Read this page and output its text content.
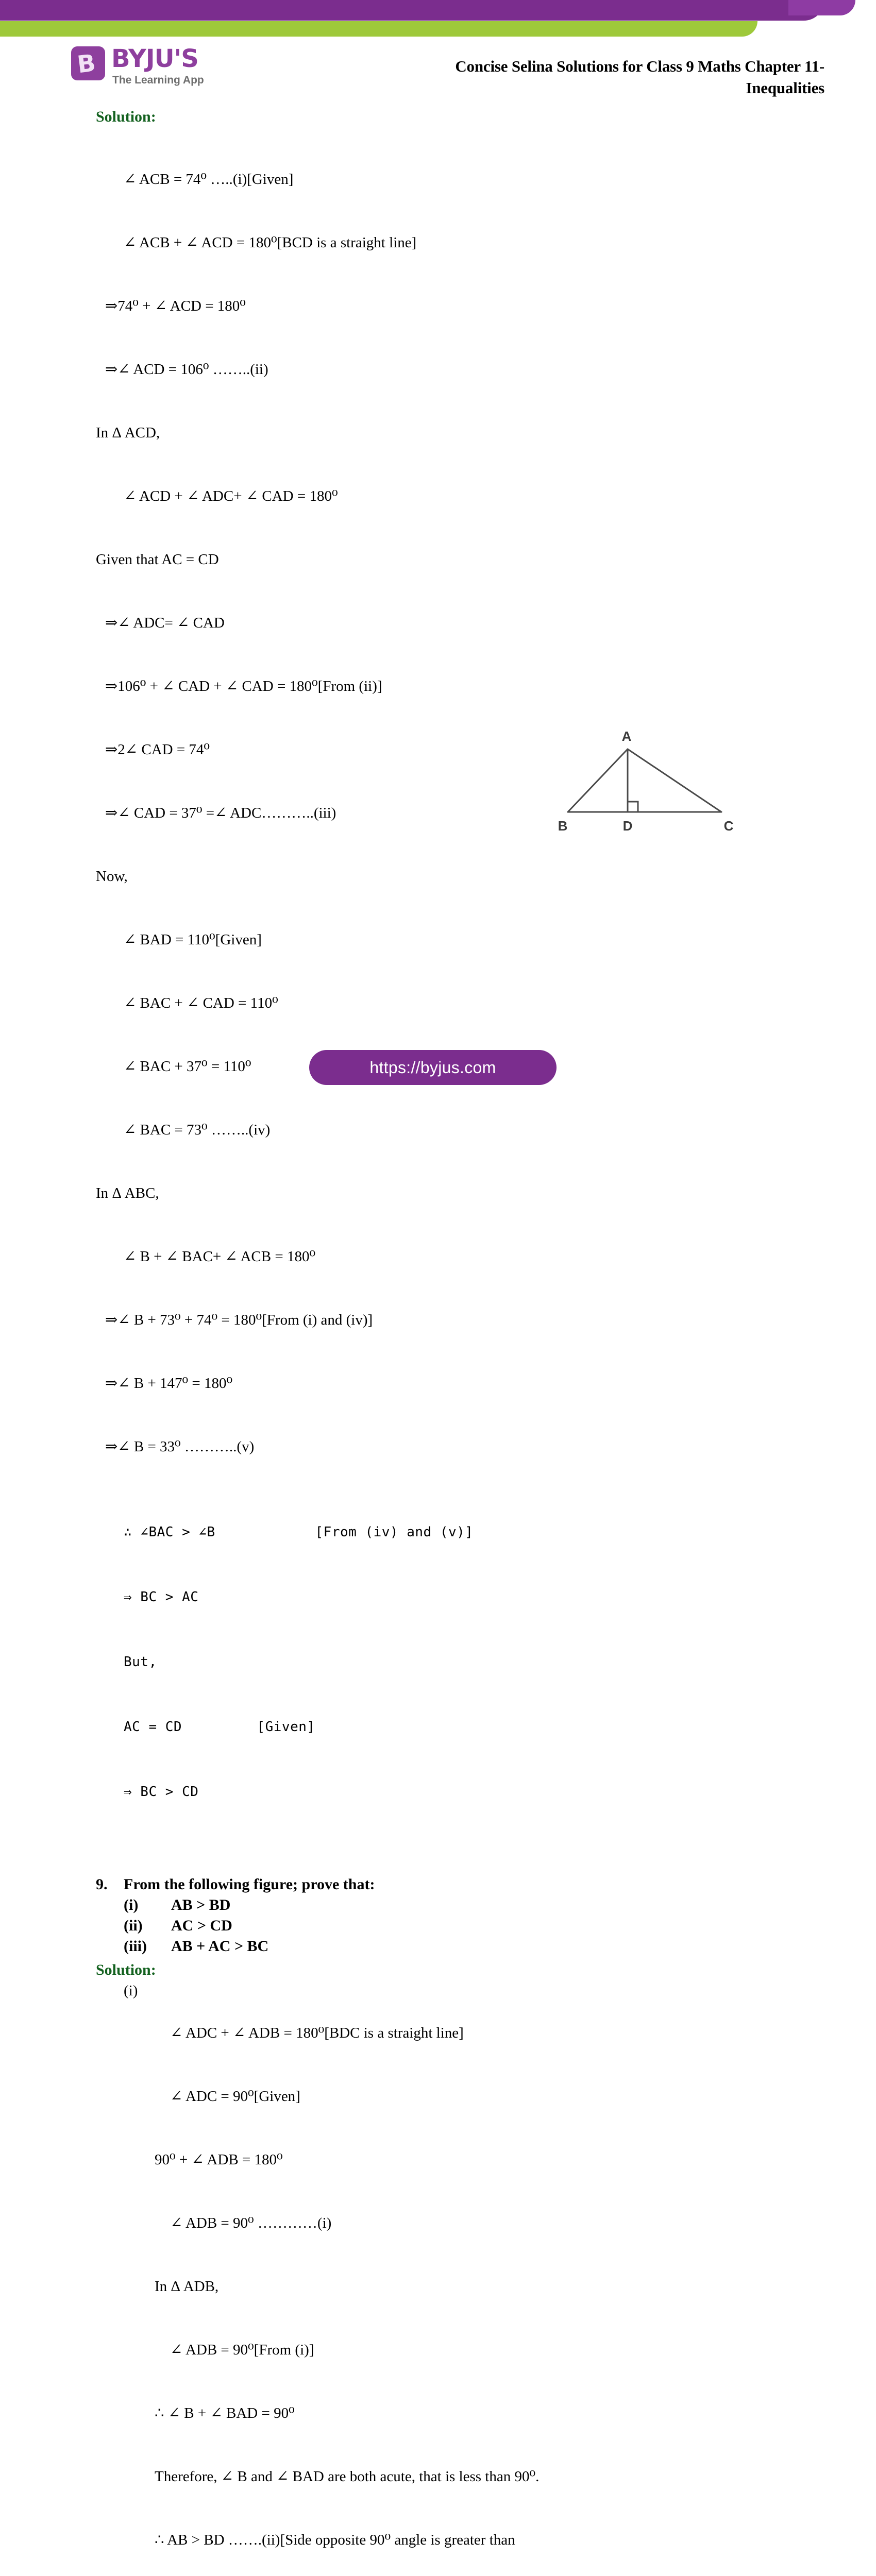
B BYJU'S
The Learning App
Concise Selina Solutions for Class 9 Maths Chapter 11-
Inequalities
Solution:

∠ ACB = 74⁰ …..(i)[Given]

∠ ACB + ∠ ACD = 180⁰[BCD is a straight line]

⇒74⁰ + ∠ ACD = 180⁰

⇒∠ ACD = 106⁰ ……..(ii)

In Δ ACD,

∠ ACD + ∠ ADC+ ∠ CAD = 180⁰

Given that AC = CD

⇒∠ ADC= ∠ CAD

⇒106⁰ + ∠ CAD + ∠ CAD = 180⁰[From (ii)]

⇒2∠ CAD = 74⁰

⇒∠ CAD = 37⁰ =∠ ADC………..(iii)

Now,

∠ BAD = 110⁰[Given]

∠ BAC + ∠ CAD = 110⁰

∠ BAC + 37⁰ = 110⁰

∠ BAC = 73⁰ ……..(iv)

In Δ ABC,

∠ B + ∠ BAC+ ∠ ACB = 180⁰

⇒∠ B + 73⁰ + 74⁰ = 180⁰[From (i) and (iv)]

⇒∠ B + 147⁰ = 180⁰

⇒∠ B = 33⁰ ………..(v)

∴ ∠BAC > ∠B            [From (iv) and (v)]

⇒ BC > AC

But,

AC = CD         [Given]

⇒ BC > CD

9. From the following figure; prove that:
(i) AB > BD
(ii) AC > CD
(iii) AB + AC > BC
Solution:
(i)

∠ ADC + ∠ ADB = 180⁰[BDC is a straight line]

∠ ADC = 90⁰[Given]

90⁰ + ∠ ADB = 180⁰

∠ ADB = 90⁰ …………(i)

In Δ ADB,

∠ ADB = 90⁰[From (i)]

∴ ∠ B + ∠ BAD = 90⁰

Therefore, ∠ B and ∠ BAD are both acute, that is less than 90⁰.

∴ AB > BD …….(ii)[Side opposite 90⁰ angle is greater than

A
B	D	C
https://byjus.com
